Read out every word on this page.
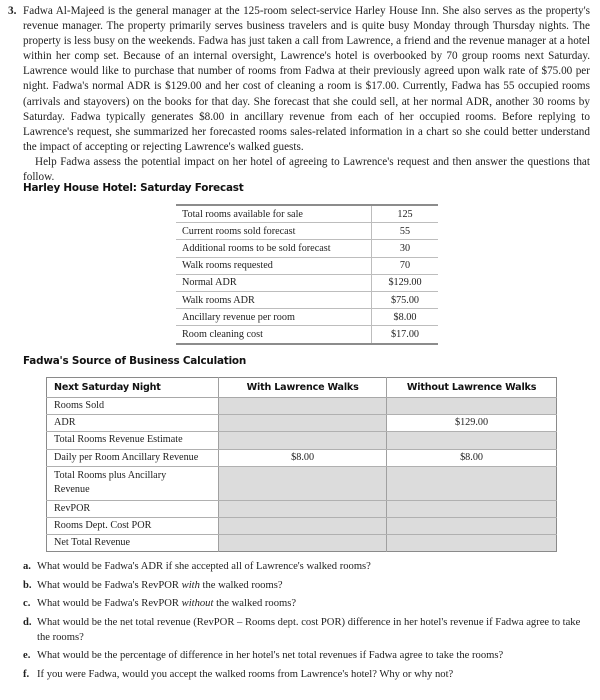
3. Fadwa Al-Majeed is the general manager at the 125-room select-service Harley House Inn. She also serves as the property's revenue manager. The property primarily serves business travelers and is quite busy Monday through Thursday nights. The property is less busy on the weekends. Fadwa has just taken a call from Lawrence, a friend and the revenue manager at a hotel within her comp set. Because of an internal oversight, Lawrence's hotel is overbooked by 70 group rooms next Saturday. Lawrence would like to purchase that number of rooms from Fadwa at their previously agreed upon walk rate of $75.00 per night. Fadwa's normal ADR is $129.00 and her cost of cleaning a room is $17.00. Currently, Fadwa has 55 occupied rooms (arrivals and stayovers) on the books for that day. She forecast that she could sell, at her normal ADR, another 30 rooms by Saturday. Fadwa typically generates $8.00 in ancillary revenue from each of her occupied rooms. Before replying to Lawrence's request, she summarized her forecasted rooms sales-related information in a chart so she could better understand the impact of accepting or rejecting Lawrence's walked guests.

Help Fadwa assess the potential impact on her hotel of agreeing to Lawrence's request and then answer the questions that follow.

Harley House Hotel: Saturday Forecast
Total rooms available for sale	125
Current rooms sold forecast	55
Additional rooms to be sold forecast	30
Walk rooms requested	70
Normal ADR	$129.00
Walk rooms ADR	$75.00
Ancillary revenue per room	$8.00
Room cleaning cost	$17.00
Fadwa's Source of Business Calculation
Next Saturday Night	With Lawrence Walks	Without Lawrence Walks
Rooms Sold		
ADR		$129.00
Total Rooms Revenue Estimate		
Daily per Room Ancillary Revenue	$8.00	$8.00
Total Rooms plus Ancillary Revenue		
RevPOR		
Rooms Dept. Cost POR		
Net Total Revenue		
a. What would be Fadwa's ADR if she accepted all of Lawrence's walked rooms?
b. What would be Fadwa's RevPOR with the walked rooms?
c. What would be Fadwa's RevPOR without the walked rooms?
d. What would be the net total revenue (RevPOR – Rooms dept. cost POR) difference in her hotel's revenue if Fadwa agree to take the rooms?
e. What would be the percentage of difference in her hotel's net total revenues if Fadwa agree to take the rooms?
f. If you were Fadwa, would you accept the walked rooms from Lawrence's hotel? Why or why not?
